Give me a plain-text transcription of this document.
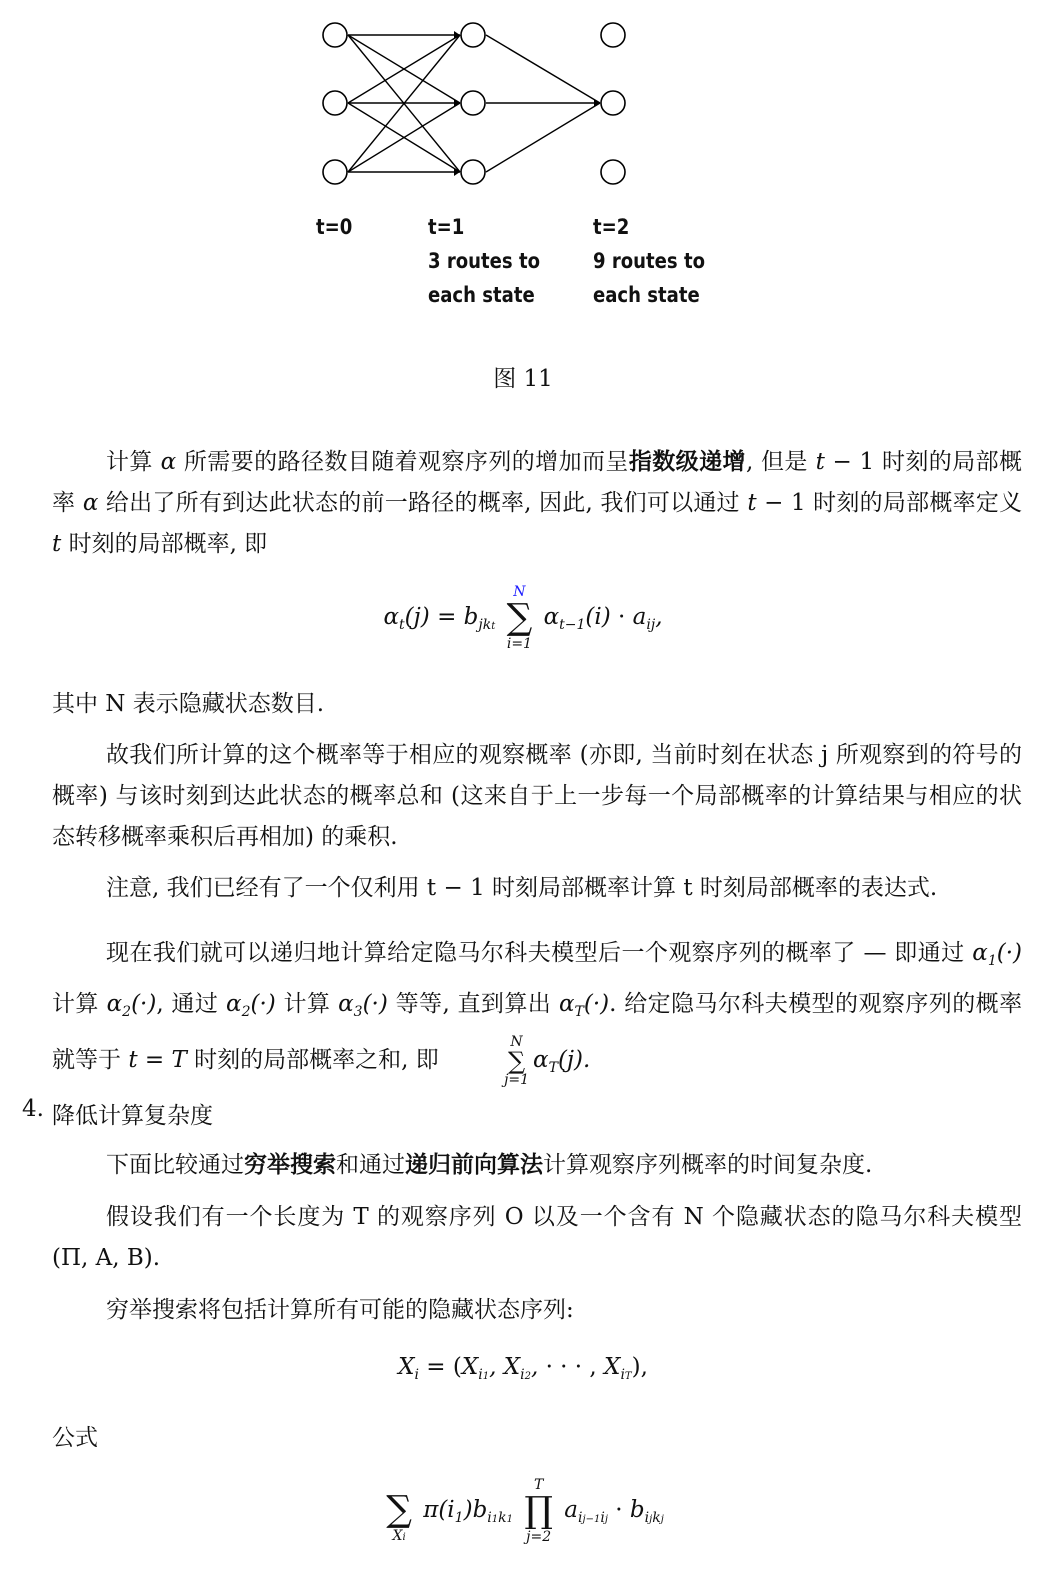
t=0	t=1
3 routes to
each state
t=2
9 routes to
each state
图 11
计算 α 所需要的路径数目随着观察序列的增加而呈指数级递增, 但是 t − 1 时刻的局部概率 α 给出了所有到达此状态的前一路径的概率, 因此, 我们可以通过 t − 1 时刻的局部概率定义 t 时刻的局部概率, 即
$\alpha_t(j) = b_{jkt}$
N
∑
i=1
$\alpha_{t-1}(i) \cdot a_{ij}$,
其中 N 表示隐藏状态数目.
故我们所计算的这个概率等于相应的观察概率 (亦即, 当前时刻在状态 j 所观察到的符号的概率) 与该时刻到达此状态的概率总和 (这来自于上一步每一个局部概率的计算结果与相应的状态转移概率乘积后再相加) 的乘积.
注意, 我们已经有了一个仅利用 t − 1 时刻局部概率计算 t 时刻局部概率的表达式.
现在我们就可以递归地计算给定隐马尔科夫模型后一个观察序列的概率了 — 即通过 $\alpha_1(\cdot)$ 计算 $\alpha_2(\cdot)$, 通过 $\alpha_2(\cdot)$ 计算 $\alpha_3(\cdot)$ 等等, 直到算出 $\alpha_T(\cdot)$. 给定隐马尔科夫模型的观察序列的概率就等于 t = T 时刻的局部概率之和, 即
N
∑
j=1
$\alpha_T(j)$.
4. 降低计算复杂度
下面比较通过穷举搜索和通过递归前向算法计算观察序列概率的时间复杂度.
假设我们有一个长度为 T 的观察序列 O 以及一个含有 N 个隐藏状态的隐马尔科夫模型 (Π, A, B).
穷举搜索将包括计算所有可能的隐藏状态序列:
$X_i = (X_{i1}$, $X_{i2}$, · · · , $X_{iT}$),
公式

∑
Xi
$\pi(i_1)b_{i1k1}$
T
∏
j=2
$a_{ij-1ij} \cdot b_{ijkj}$
